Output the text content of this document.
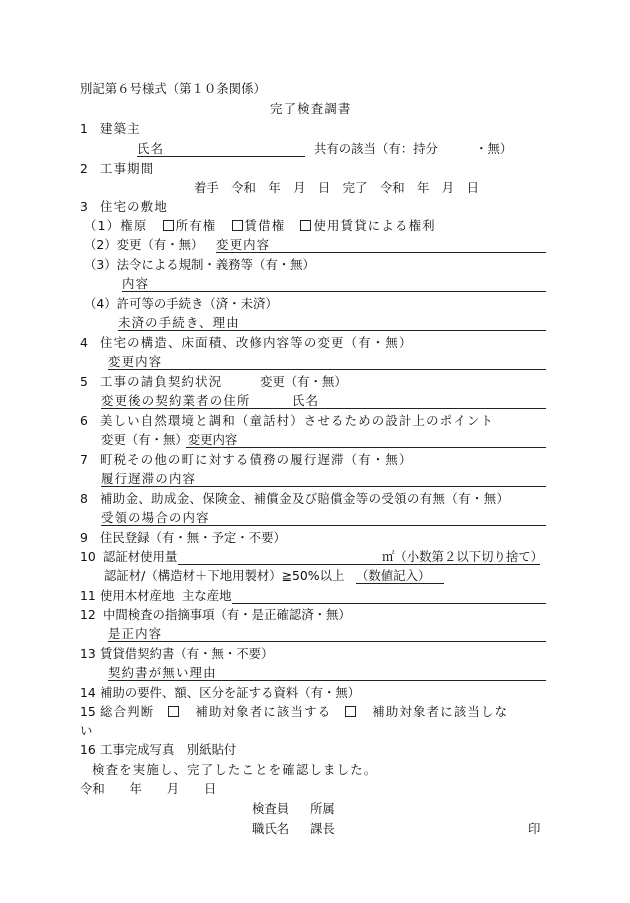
別記第６号様式（第１０条関係）
完了検査調書
1 建築主
氏名	共有の該当（有：持分　　　・無）
2 工事期間
着手　令和　年　月　日　完了　令和　年　月　日
3 住宅の敷地
（1）権原 所有権 賃借権 使用賃貸による権利
（2）変更（有・無） 変更内容
（3）法令による規制・義務等（有・無）
内容
（4）許可等の手続き（済・未済）
未済の手続き、理由
4 住宅の構造、床面積、改修内容等の変更（有・無）
変更内容
5 工事の請負契約状況	変更（有・無）
変更後の契約業者の住所	氏名
6 美しい自然環境と調和（童話村）させるための設計上のポイント
変更（有・無）変更内容
7 町税その他の町に対する債務の履行遅滞（有・無）
履行遅滞の内容
8 補助金、助成金、保険金、補償金及び賠償金等の受領の有無（有・無）
受領の場合の内容
9 住民登録（有・無・予定・不要）
10 認証材使用量	㎡（小数第２以下切り捨て）
認証材/（構造材＋下地用製材）≧50%以上 （数値記入）
11 使用木材産地 主な産地
12 中間検査の指摘事項（有・是正確認済・無）
是正内容
13 賃貸借契約書（有・無・不要）
契約書が無い理由
14 補助の要件、額、区分を証する資料（有・無）
15 総合判断	補助対象者に該当する	補助対象者に該当しな
い
16 工事完成写真　別紙貼付
検査を実施し、完了したことを確認しました。
令和　　年　　月　　日
検査員 所属
職氏名 課長	印
